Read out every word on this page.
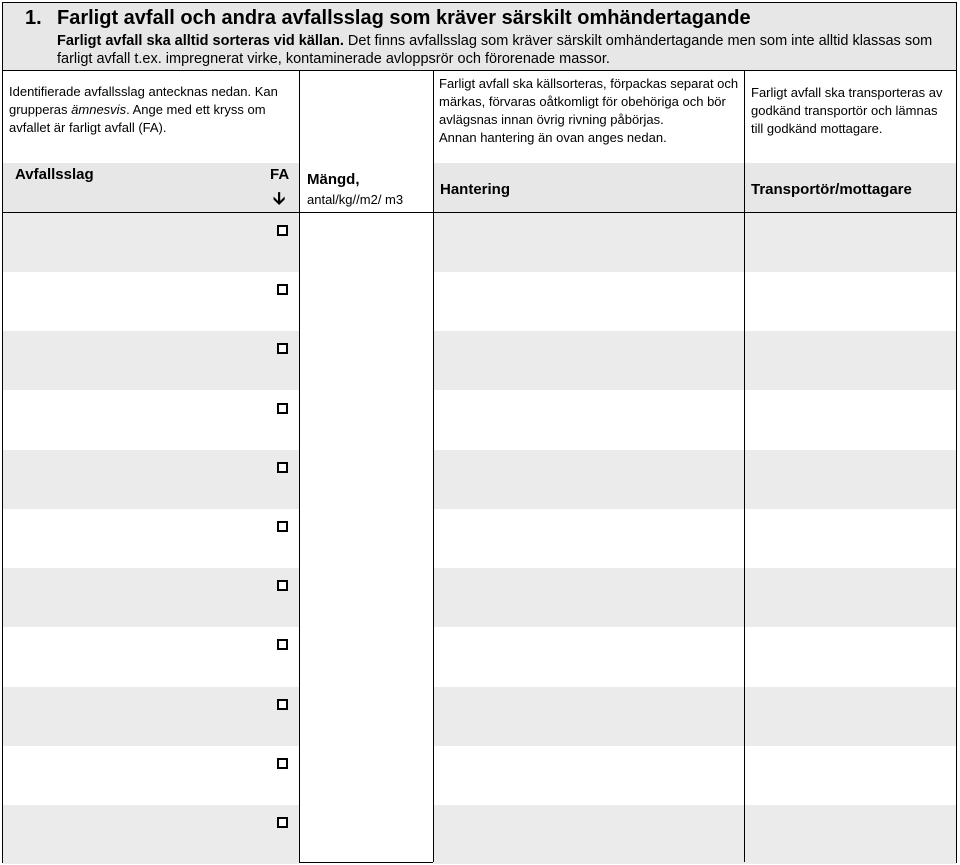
1. Farligt avfall och andra avfallsslag som kräver särskilt omhändertagande
Farligt avfall ska alltid sorteras vid källan. Det finns avfallsslag som kräver särskilt omhändertagande men som inte alltid klassas som farligt avfall t.ex. impregnerat virke, kontaminerade avloppsrör och förorenade massor.
Identifierade avfallsslag antecknas nedan. Kan grupperas ämnesvis. Ange med ett kryss om avfallet är farligt avfall (FA).
Farligt avfall ska källsorteras, förpackas separat och märkas, förvaras oåtkomligt för obehöriga och bör avlägsnas innan övrig rivning påbörjas.
Annan hantering än ovan anges nedan.
Farligt avfall ska transporteras av godkänd transportör och lämnas till godkänd mottagare.
Avfallsslag	FA
🡫
Mängd,
antal/kg//m2/ m3
Hantering	Transportör/mottagare
